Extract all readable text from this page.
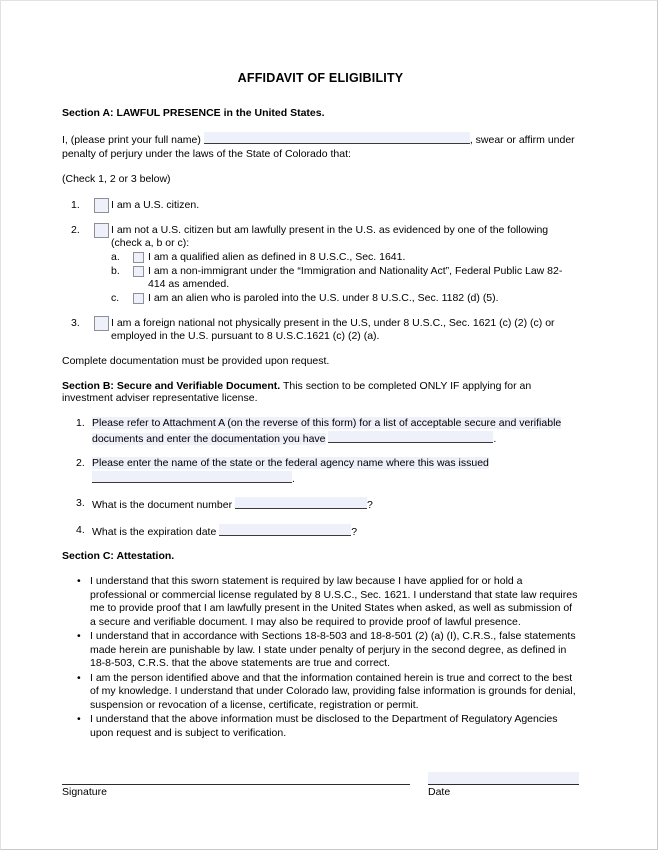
AFFIDAVIT OF ELIGIBILITY
Section A: LAWFUL PRESENCE in the United States.

I, (please print your full name)	, swear or affirm under penalty of perjury under the laws of the State of Colorado that:

(Check 1, 2 or 3 below)

1.	I am a U.S. citizen.
2.	I am not a U.S. citizen but am lawfully present in the U.S. as evidenced by one of the following (check a, b or c):
a.	I am a qualified alien as defined in 8 U.S.C., Sec. 1641.
b.	I am a non-immigrant under the “Immigration and Nationality Act”, Federal Public Law 82-414 as amended.
c.	I am an alien who is paroled into the U.S. under 8 U.S.C., Sec. 1182 (d) (5).
3.	I am a foreign national not physically present in the U.S, under 8 U.S.C., Sec. 1621 (c) (2) (c) or employed in the U.S. pursuant to 8 U.S.C.1621 (c) (2) (a).

Complete documentation must be provided upon request.

Section B: Secure and Verifiable Document. This section to be completed ONLY IF applying for an investment adviser representative license.
1. Please refer to Attachment A (on the reverse of this form) for a list of acceptable secure and verifiable documents and enter the documentation you have	.
2. Please enter the name of the state or the federal agency name where this was issued
.
3. What is the document number	?
4. What is the expiration date	?
Section C: Attestation.
• I understand that this sworn statement is required by law because I have applied for or hold a professional or commercial license regulated by 8 U.S.C., Sec. 1621. I understand that state law requires me to provide proof that I am lawfully present in the United States when asked, as well as submission of a secure and verifiable document. I may also be required to provide proof of lawful presence.
• I understand that in accordance with Sections 18-8-503 and 18-8-501 (2) (a) (I), C.R.S., false statements made herein are punishable by law. I state under penalty of perjury in the second degree, as defined in 18-8-503, C.R.S. that the above statements are true and correct.
• I am the person identified above and that the information contained herein is true and correct to the best of my knowledge. I understand that under Colorado law, providing false information is grounds for denial, suspension or revocation of a license, certificate, registration or permit.
• I understand that the above information must be disclosed to the Department of Regulatory Agencies upon request and is subject to verification.
Signature	Date
